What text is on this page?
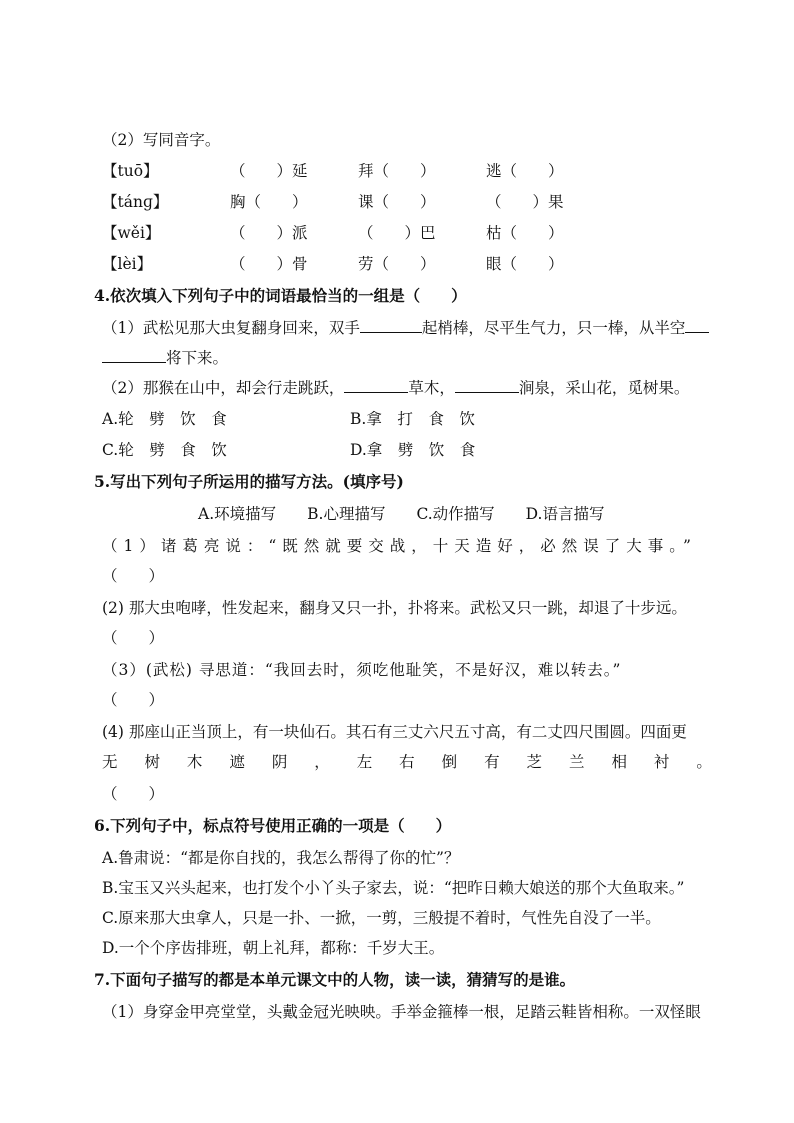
（2）写同音字。
【tuō】	（　　）延	拜（　　）	逃（　　）
【tánɡ】	胸（　　）	课（　　）	（　　）果
【wěi】	（　　）派	（　　）巴	枯（　　）
【lèi】	（　　）骨	劳（　　）	眼（　　）
4.依次填入下列句子中的词语最恰当的一组是（　　）
（1）武松见那大虫复翻身回来，双手	起梢棒，尽平生气力，只一棒，从半空
将下来。
（2）那猴在山中，却会行走跳跃，	草木，	涧泉，采山花，觅树果。
A.轮　劈　饮　食	B.拿　打　食　饮
C.轮　劈　食　饮	D.拿　劈　饮　食
5.写出下列句子所运用的描写方法。(填序号)
A.环境描写　　B.心理描写　　C.动作描写　　D.语言描写
（1）诸葛亮说：“既然就要交战，十天造好，必然误了大事。”
（　　）
(2) 那大虫咆哮，性发起来，翻身又只一扑，扑将来。武松又只一跳，却退了十步远。
（　　）
（3）(武松) 寻思道：“我回去时，须吃他耻笑，不是好汉，难以转去。”
（　　）
(4) 那座山正当顶上，有一块仙石。其石有三丈六尺五寸高，有二丈四尺围圆。四面更
无 树 木 遮 阴 ， 左 右 倒 有 芝 兰 相 衬 。
（　　）
6.下列句子中，标点符号使用正确的一项是（　　）
A.鲁肃说：“都是你自找的，我怎么帮得了你的忙”？
B.宝玉又兴头起来，也打发个小丫头子家去，说：“把昨日赖大娘送的那个大鱼取来。”
C.原来那大虫拿人，只是一扑、一掀，一剪，三般提不着时，气性先自没了一半。
D.一个个序齿排班，朝上礼拜，都称：千岁大王。
7.下面句子描写的都是本单元课文中的人物，读一读，猜猜写的是谁。
（1）身穿金甲亮堂堂，头戴金冠光映映。手举金箍棒一根，足踏云鞋皆相称。一双怪眼
